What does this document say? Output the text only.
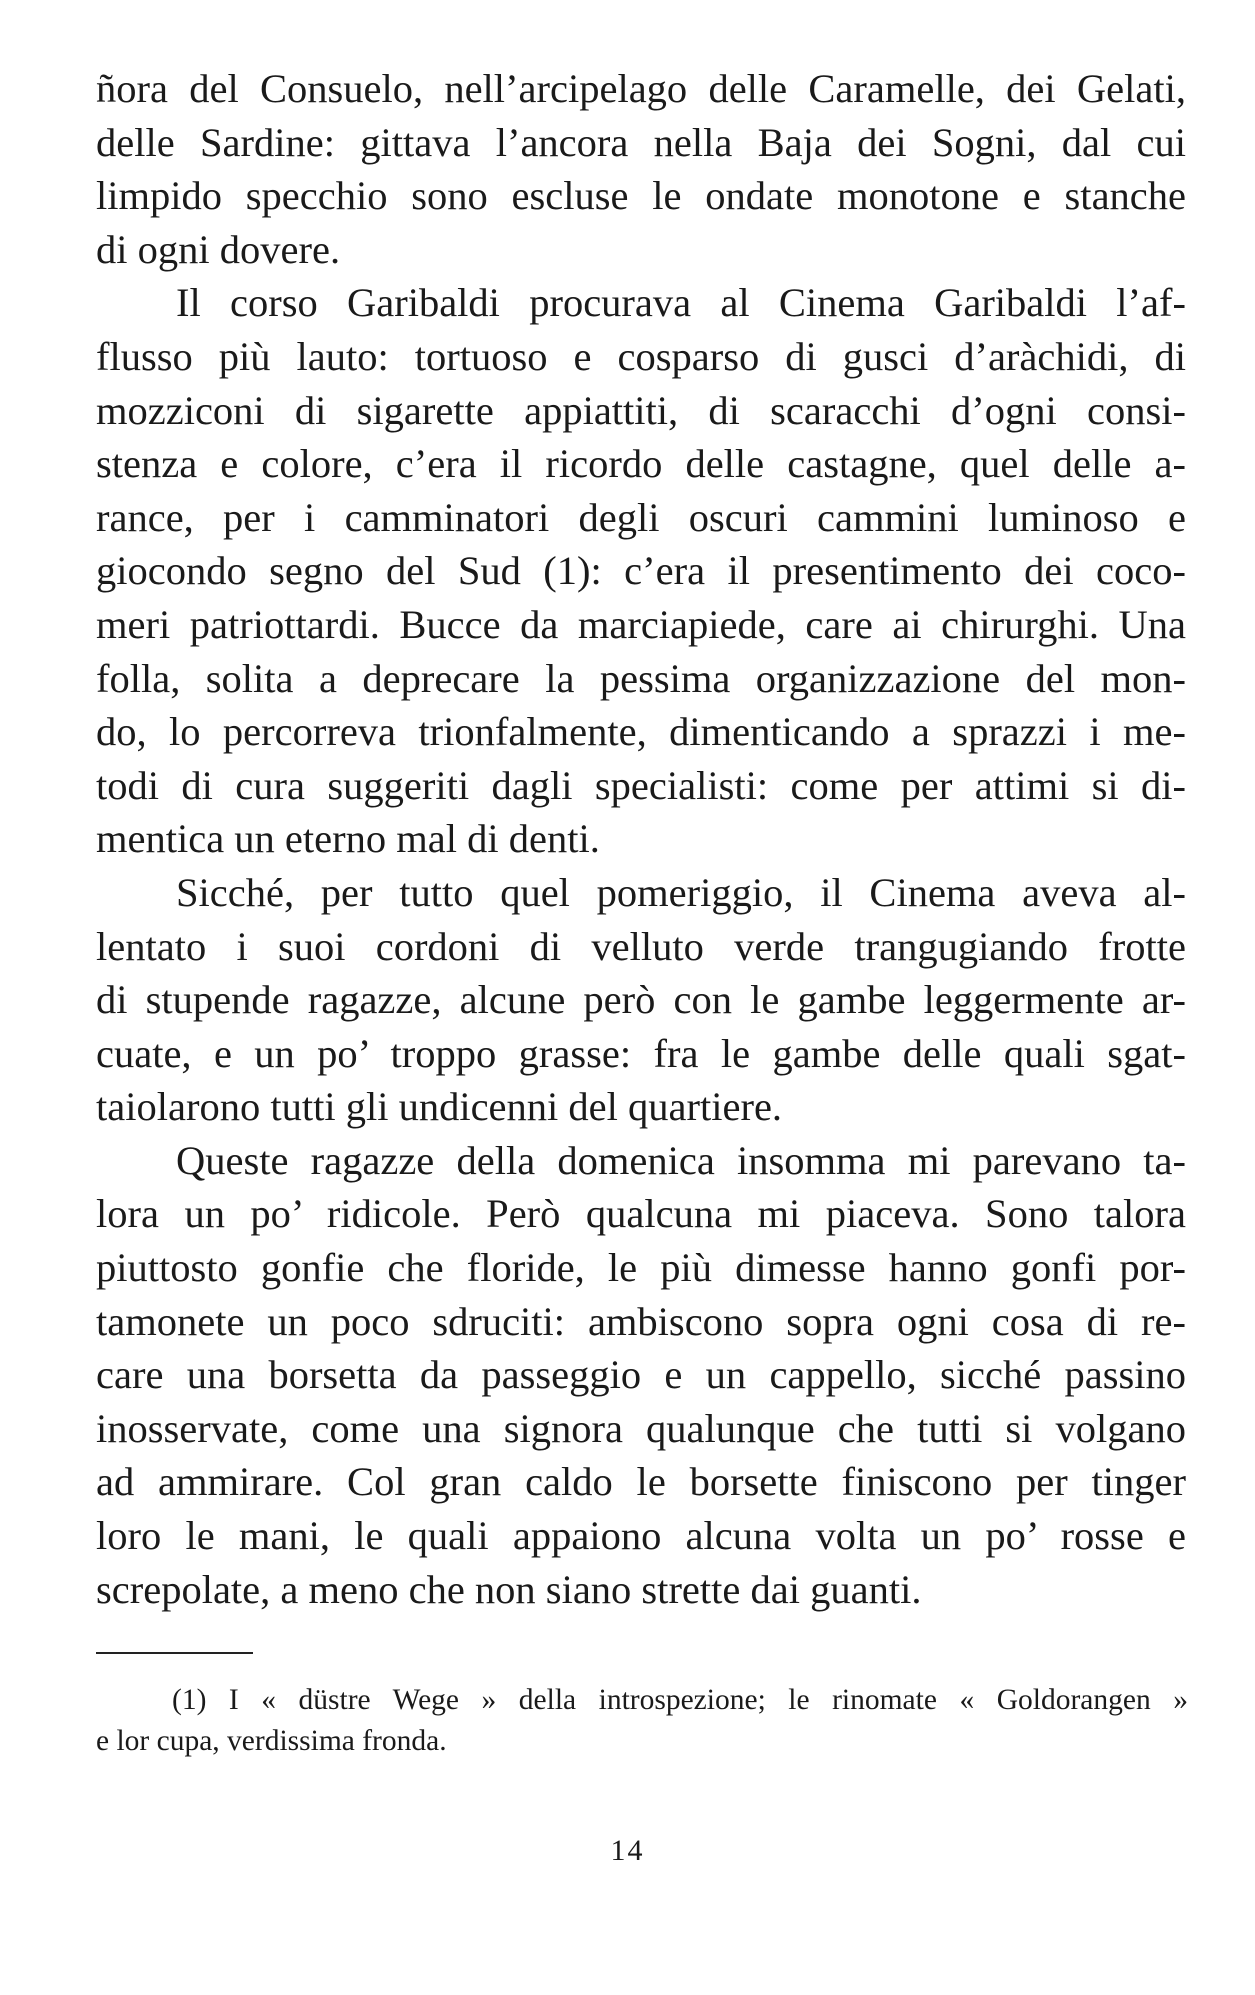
ñora del Consuelo, nell’arcipelago delle Caramelle, dei Gelati,
delle Sardine: gittava l’ancora nella Baja dei Sogni, dal cui
limpido specchio sono escluse le ondate monotone e stanche
di ogni dovere.
Il corso Garibaldi procurava al Cinema Garibaldi l’af-
flusso più lauto: tortuoso e cosparso di gusci d’aràchidi, di
mozziconi di sigarette appiattiti, di scaracchi d’ogni consi-
stenza e colore, c’era il ricordo delle castagne, quel delle a-
rance, per i camminatori degli oscuri cammini luminoso e
giocondo segno del Sud (1): c’era il presentimento dei coco-
meri patriottardi. Bucce da marciapiede, care ai chirurghi. Una
folla, solita a deprecare la pessima organizzazione del mon-
do, lo percorreva trionfalmente, dimenticando a sprazzi i me-
todi di cura suggeriti dagli specialisti: come per attimi si di-
mentica un eterno mal di denti.
Sicché, per tutto quel pomeriggio, il Cinema aveva al-
lentato i suoi cordoni di velluto verde trangugiando frotte
di stupende ragazze, alcune però con le gambe leggermente ar-
cuate, e un po’ troppo grasse: fra le gambe delle quali sgat-
taiolarono tutti gli undicenni del quartiere.
Queste ragazze della domenica insomma mi parevano ta-
lora un po’ ridicole. Però qualcuna mi piaceva. Sono talora
piuttosto gonfie che floride, le più dimesse hanno gonfi por-
tamonete un poco sdruciti: ambiscono sopra ogni cosa di re-
care una borsetta da passeggio e un cappello, sicché passino
inosservate, come una signora qualunque che tutti si volgano
ad ammirare. Col gran caldo le borsette finiscono per tinger
loro le mani, le quali appaiono alcuna volta un po’ rosse e
screpolate, a meno che non siano strette dai guanti.
(1) I « düstre Wege » della introspezione; le rinomate « Goldorangen »
e lor cupa, verdissima fronda.
14
